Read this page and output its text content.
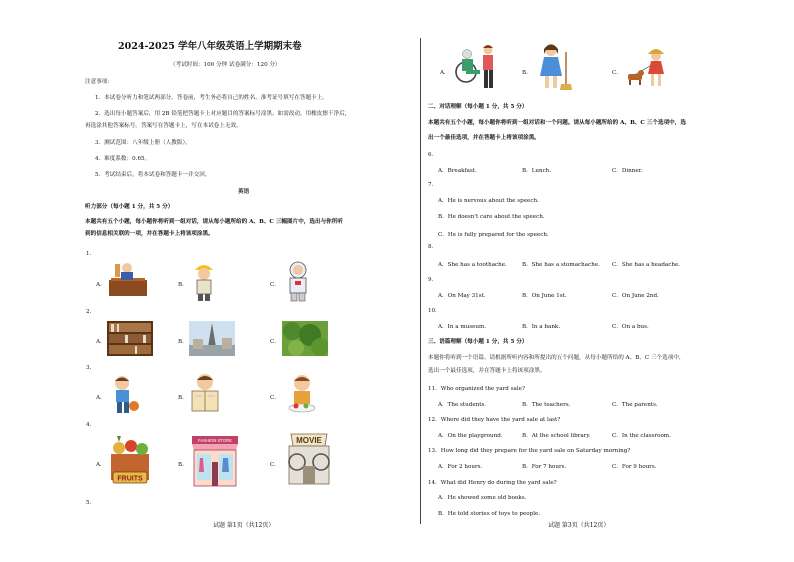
2024-2025 学年八年级英语上学期期末卷
（考试时间：100 分钟 试卷满分：120 分）
注意事项：
1．本试卷分听力和笔试两部分。答卷前，考生务必将自己的姓名、准考证号填写在答题卡上。
2．选出每小题答案后，用 2B 铅笔把答题卡上对应题目的答案标号涂黑。如需改动，用橡皮擦干净后，
再选涂其他答案标号。答案写在答题卡上，写在本试卷上无效。
3．测试范围：八年级上册（人教版）。
4．难度系数：0.65。
5．考试结束后，将本试卷和答题卡一并交回。
英语
听力部分（每小题 1 分，共 5 分）
本题共有五个小题，每小题你将听到一组对话，请从每小题所给的 A、B、C 三幅图片中，选出与你所听
到的信息相关联的一项，并在答题卡上将该项涂黑。
1．
A．	B．	C．
2．
A．	B．	C．
3．
A．	B．	C．
4．
A．
FRUITS
B．
FASHION STORE
C．
MOVIE
5．
试题 第1页（共12页）
A．	B．	C．
二、对话理解（每小题 1 分，共 5 分）
本题共有五个小题，每小题你将听到一组对话和一个问题。请从每小题所给的 A、B、C 三个选项中，选
出一个最佳选项，并在答题卡上将该项涂黑。
6．
A．Breakfast.	B．Lunch.	C．Dinner.
7．
A．He is nervous about the speech.
B．He doesn't care about the speech.
C．He is fully prepared for the speech.
8．
A．She has a toothache.	B．She has a stomachache. C．She has a headache.
9．
A．On May 31st.	B．On June 1st.	C．On June 2nd.
10．
A．In a museum.	B．In a bank.	C．On a bus.
三、语篇理解（每小题 1 分，共 5 分）
本题你将听到一个语篇。请根据所听内容和所提出的五个问题，从每小题所给的 A、B、C 三个选项中，
选出一个最佳选项，并在答题卡上将该项涂黑。
11．Who organized the yard sale?
A．The students.	B．The teachers.	C．The parents.
12．Where did they have the yard sale at last?
A．On the playground.	B．At the school library.	C．In the classroom.
13．How long did they prepare for the yard sale on Saturday morning?
A．For 2 hours.	B．For 7 hours.	C．For 9 hours.
14．What did Henry do during the yard sale?
A．He showed some old books.
B．He told stories of toys to people.
试题 第3页（共12页）
